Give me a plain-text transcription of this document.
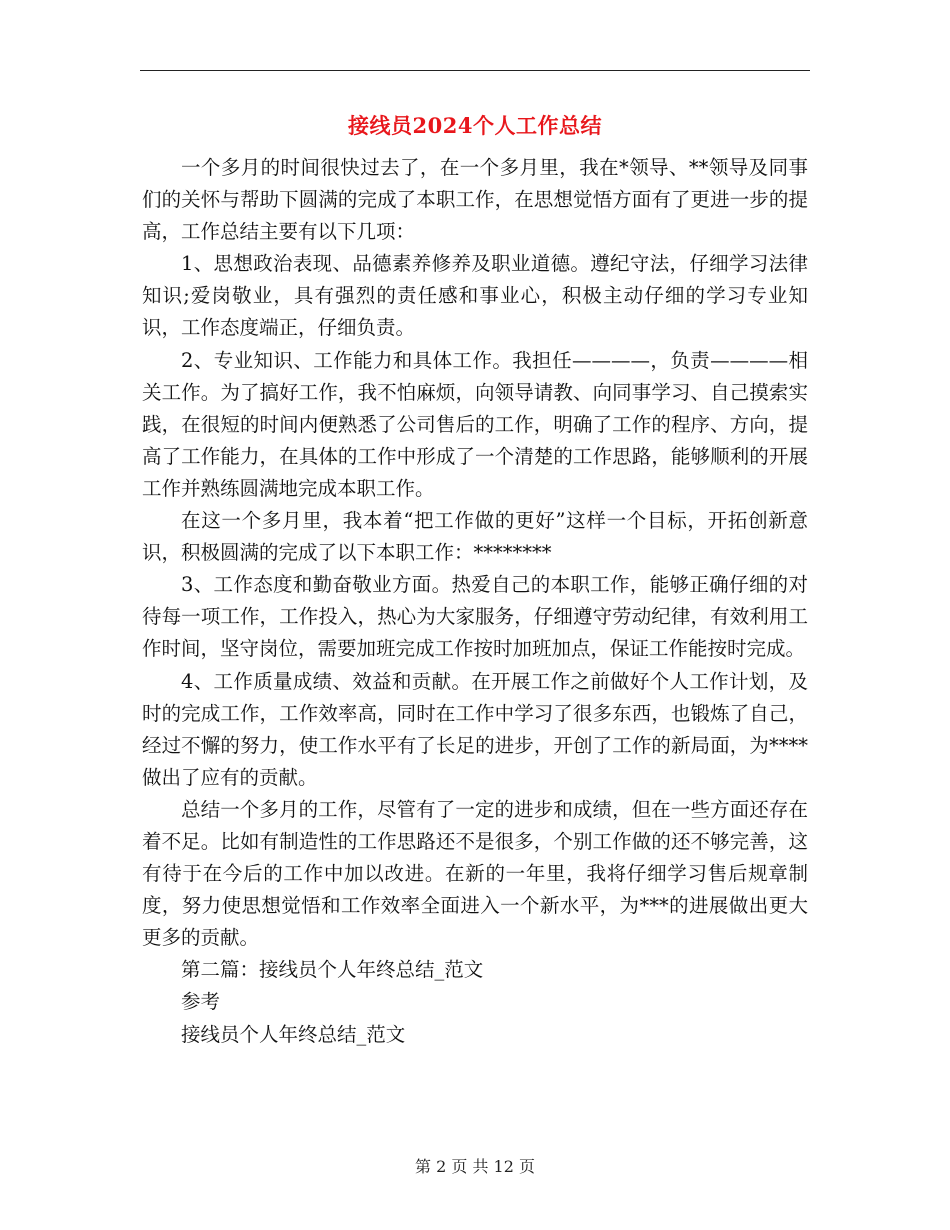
接线员2024个人工作总结

一个多月的时间很快过去了，在一个多月里，我在*领导、**领导及同事们的关怀与帮助下圆满的完成了本职工作，在思想觉悟方面有了更进一步的提高，工作总结主要有以下几项：

1、思想政治表现、品德素养修养及职业道德。遵纪守法，仔细学习法律知识;爱岗敬业，具有强烈的责任感和事业心，积极主动仔细的学习专业知识，工作态度端正，仔细负责。

2、专业知识、工作能力和具体工作。我担任————，负责————相关工作。为了搞好工作，我不怕麻烦，向领导请教、向同事学习、自己摸索实践，在很短的时间内便熟悉了公司售后的工作，明确了工作的程序、方向，提高了工作能力，在具体的工作中形成了一个清楚的工作思路，能够顺利的开展工作并熟练圆满地完成本职工作。

在这一个多月里，我本着“把工作做的更好”这样一个目标，开拓创新意识，积极圆满的完成了以下本职工作：********

3、工作态度和勤奋敬业方面。热爱自己的本职工作，能够正确仔细的对待每一项工作，工作投入，热心为大家服务，仔细遵守劳动纪律，有效利用工作时间，坚守岗位，需要加班完成工作按时加班加点，保证工作能按时完成。

4、工作质量成绩、效益和贡献。在开展工作之前做好个人工作计划，及时的完成工作，工作效率高，同时在工作中学习了很多东西，也锻炼了自己，经过不懈的努力，使工作水平有了长足的进步，开创了工作的新局面，为****做出了应有的贡献。

总结一个多月的工作，尽管有了一定的进步和成绩，但在一些方面还存在着不足。比如有制造性的工作思路还不是很多，个别工作做的还不够完善，这有待于在今后的工作中加以改进。在新的一年里，我将仔细学习售后规章制度，努力使思想觉悟和工作效率全面进入一个新水平，为***的进展做出更大更多的贡献。

第二篇：接线员个人年终总结_范文

参考

接线员个人年终总结_范文

第 2 页 共 12 页
